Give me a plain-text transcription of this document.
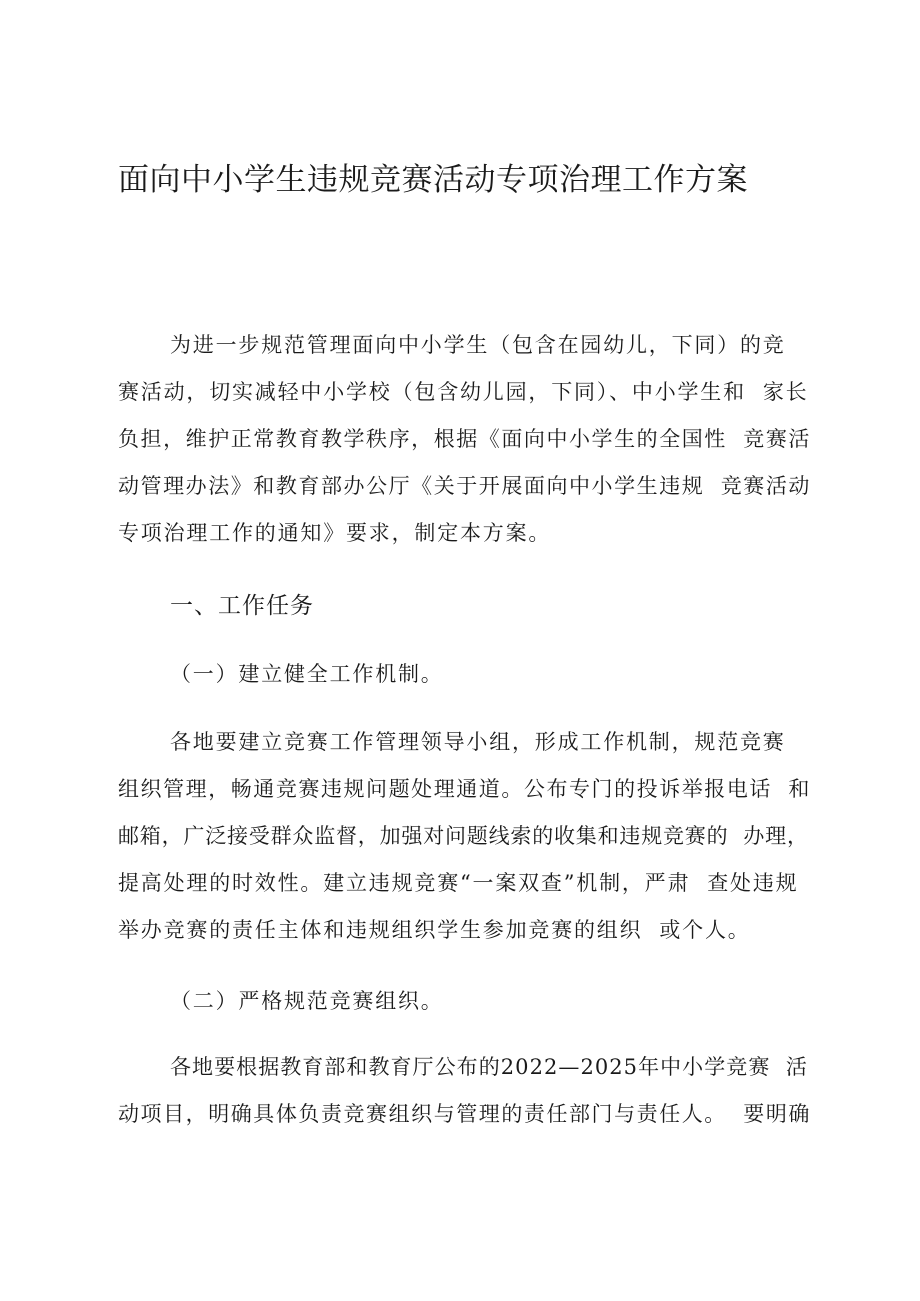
面向中小学生违规竞赛活动专项治理工作方案

为进一步规范管理面向中小学生（包含在园幼儿，下同）的竞

赛活动，切实减轻中小学校（包含幼儿园，下同）、中小学生和  家长

负担，维护正常教育教学秩序，根据《面向中小学生的全国性  竞赛活

动管理办法》和教育部办公厅《关于开展面向中小学生违规  竞赛活动

专项治理工作的通知》要求，制定本方案。

一、工作任务

（一）建立健全工作机制。

各地要建立竞赛工作管理领导小组，形成工作机制，规范竞赛

组织管理，畅通竞赛违规问题处理通道。公布专门的投诉举报电话  和

邮箱，广泛接受群众监督，加强对问题线索的收集和违规竞赛的  办理，

提高处理的时效性。建立违规竞赛“一案双查”机制，严肃  查处违规

举办竞赛的责任主体和违规组织学生参加竞赛的组织  或个人。

（二）严格规范竞赛组织。

各地要根据教育部和教育厅公布的2022—2025年中小学竞赛  活

动项目，明确具体负责竞赛组织与管理的责任部门与责任人。  要明确
